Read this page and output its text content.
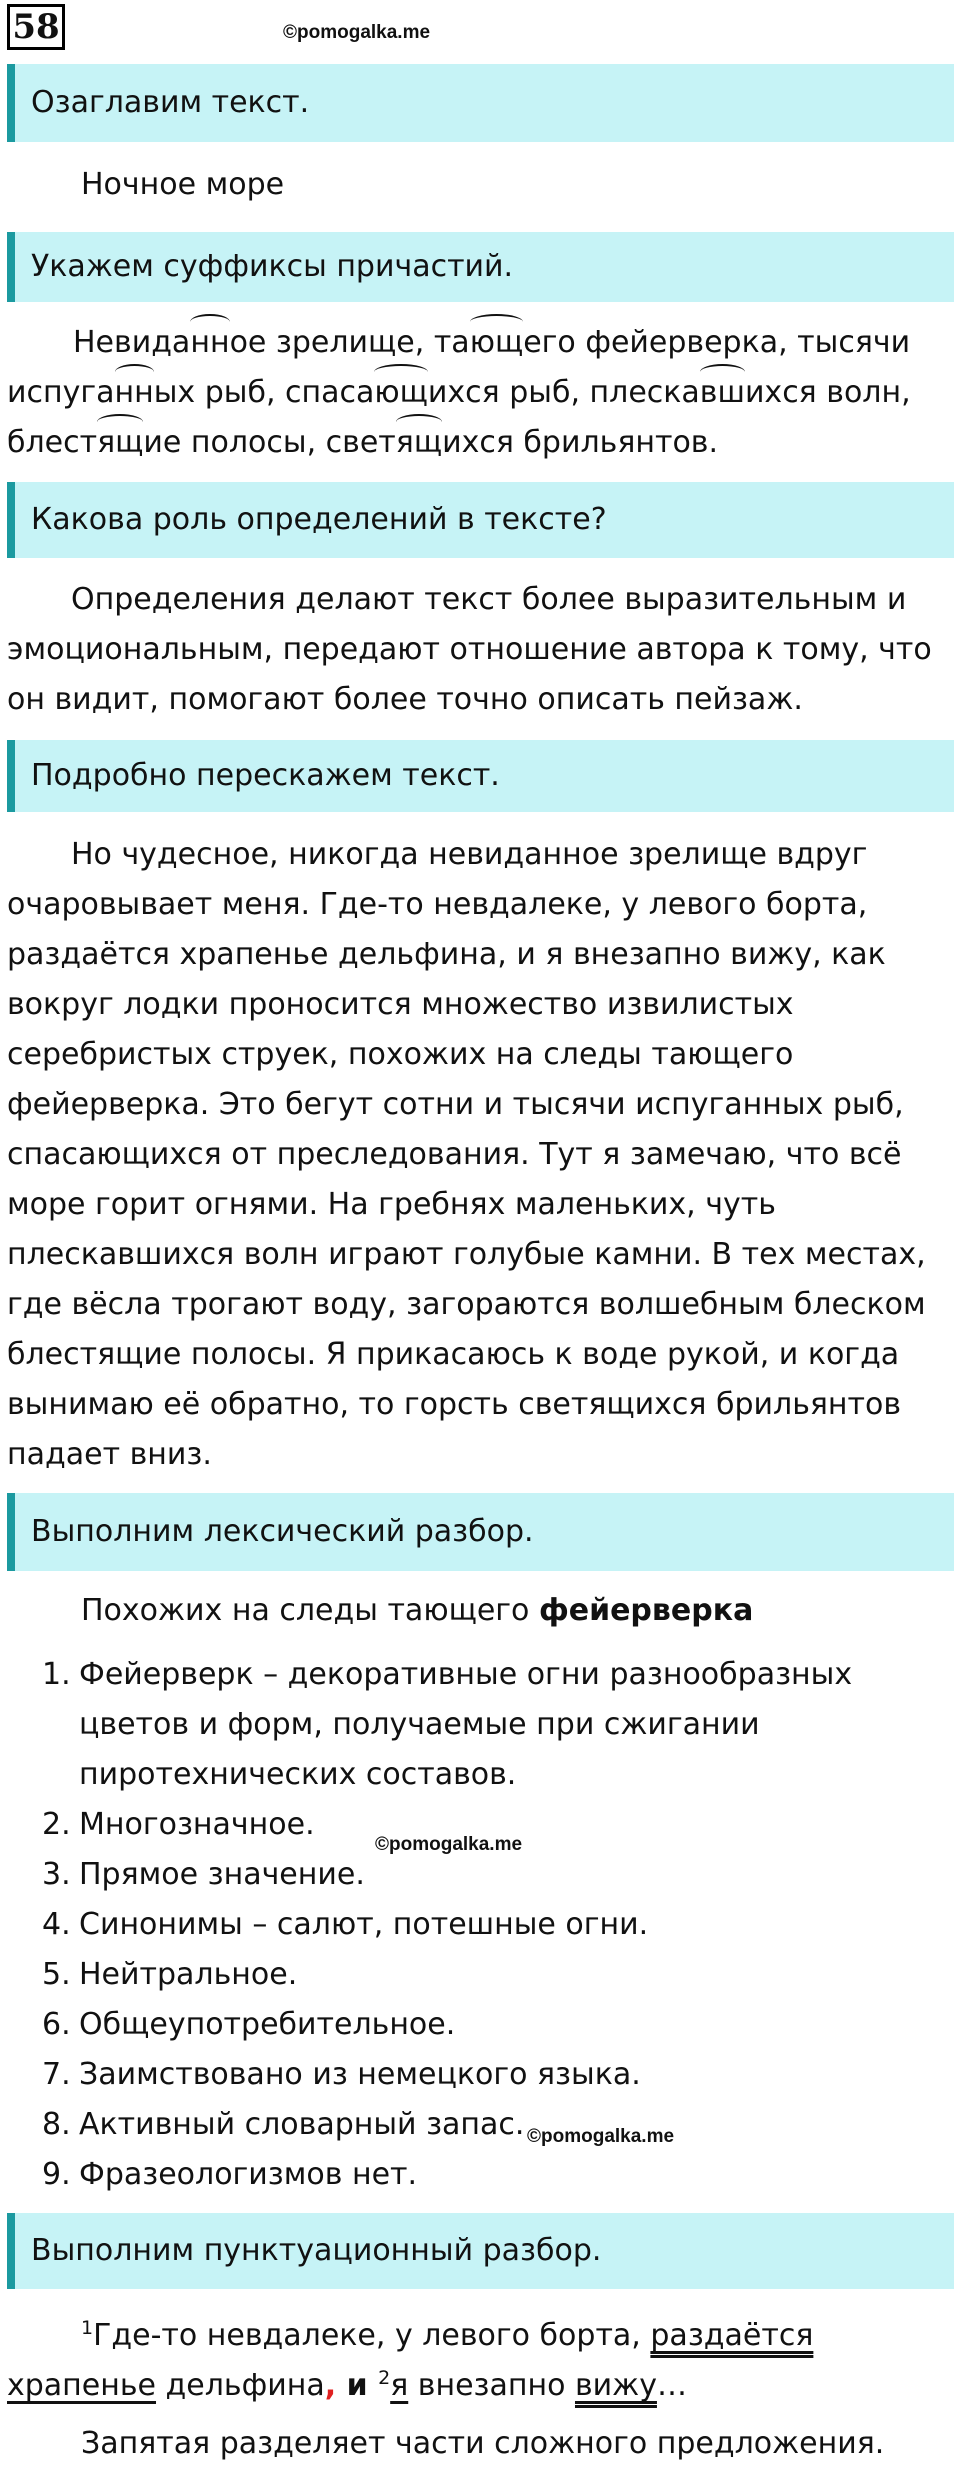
58	©pomogalka.me
Озаглавим текст.
Ночное море
Укажем суффиксы причастий.
Невиданное зрелище, тающего фейерверка, тысячи
испуганных рыб, спасающихся рыб, плескавшихся волн,
блестящие полосы, светящихся брильянтов.
Какова роль определений в тексте?
Определения делают текст более выразительным и
эмоциональным, передают отношение автора к тому, что
он видит, помогают более точно описать пейзаж.
Подробно перескажем текст.
Но чудесное, никогда невиданное зрелище вдруг
очаровывает меня. Где-то невдалеке, у левого борта,
раздаётся храпенье дельфина, и я внезапно вижу, как
вокруг лодки проносится множество извилистых
серебристых струек, похожих на следы тающего
фейерверка. Это бегут сотни и тысячи испуганных рыб,
спасающихся от преследования. Тут я замечаю, что всё
море горит огнями. На гребнях маленьких, чуть
плескавшихся волн играют голубые камни. В тех местах,
где вёсла трогают воду, загораются волшебным блеском
блестящие полосы. Я прикасаюсь к воде рукой, и когда
вынимаю её обратно, то горсть светящихся брильянтов
падает вниз.
Выполним лексический разбор.
Похожих на следы тающего фейерверка
1. Фейерверк – декоративные огни разнообразных
цветов и форм, получаемые при сжигании
пиротехнических составов.
2. Многозначное.
3. Прямое значение.
4. Синонимы – салют, потешные огни.
5. Нейтральное.
6. Общеупотребительное.
7. Заимствовано из немецкого языка.
8. Активный словарный запас.
9. Фразеологизмов нет.
©pomogalka.me
©pomogalka.me
Выполним пунктуационный разбор.
$^1$Где-то невдалеке, у левого борта, раздаётся
храпенье дельфина, и $^2$я внезапно вижу…
Запятая разделяет части сложного предложения.
